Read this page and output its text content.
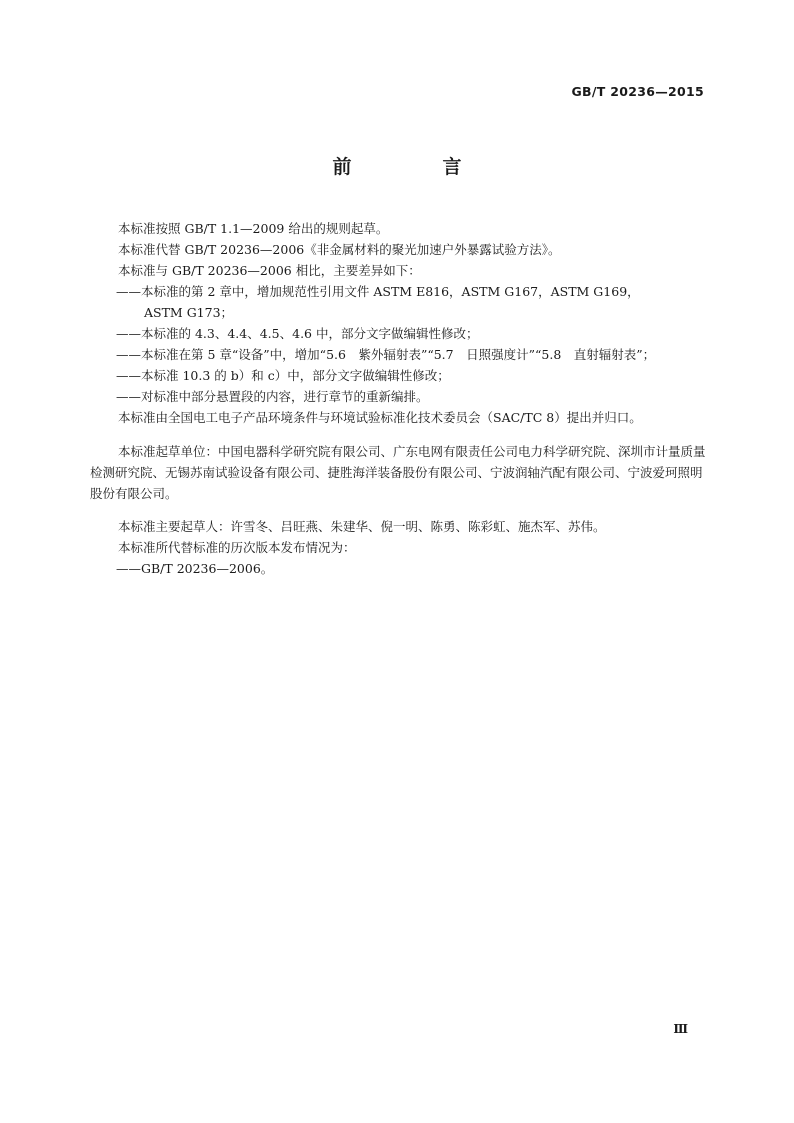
GB/T 20236—2015
前　言

本标准按照 GB/T 1.1—2009 给出的规则起草。

本标准代替 GB/T 20236—2006《非金属材料的聚光加速户外暴露试验方法》。

本标准与 GB/T 20236—2006 相比，主要差异如下：

——本标准的第 2 章中，增加规范性引用文件 ASTM E816，ASTM G167，ASTM G169，

ASTM G173；

——本标准的 4.3、4.4、4.5、4.6 中，部分文字做编辑性修改；

——本标准在第 5 章“设备”中，增加“5.6　紫外辐射表”“5.7　日照强度计”“5.8　直射辐射表”；

——本标准 10.3 的 b）和 c）中，部分文字做编辑性修改；

——对标准中部分悬置段的内容，进行章节的重新编排。

本标准由全国电工电子产品环境条件与环境试验标准化技术委员会（SAC/TC 8）提出并归口。

本标准起草单位：中国电器科学研究院有限公司、广东电网有限责任公司电力科学研究院、深圳市计量质量检测研究院、无锡苏南试验设备有限公司、捷胜海洋装备股份有限公司、宁波润轴汽配有限公司、宁波爱珂照明股份有限公司。

本标准主要起草人：许雪冬、吕旺燕、朱建华、倪一明、陈勇、陈彩虹、施杰军、苏伟。

本标准所代替标准的历次版本发布情况为：

——GB/T 20236—2006。

Ⅲ
